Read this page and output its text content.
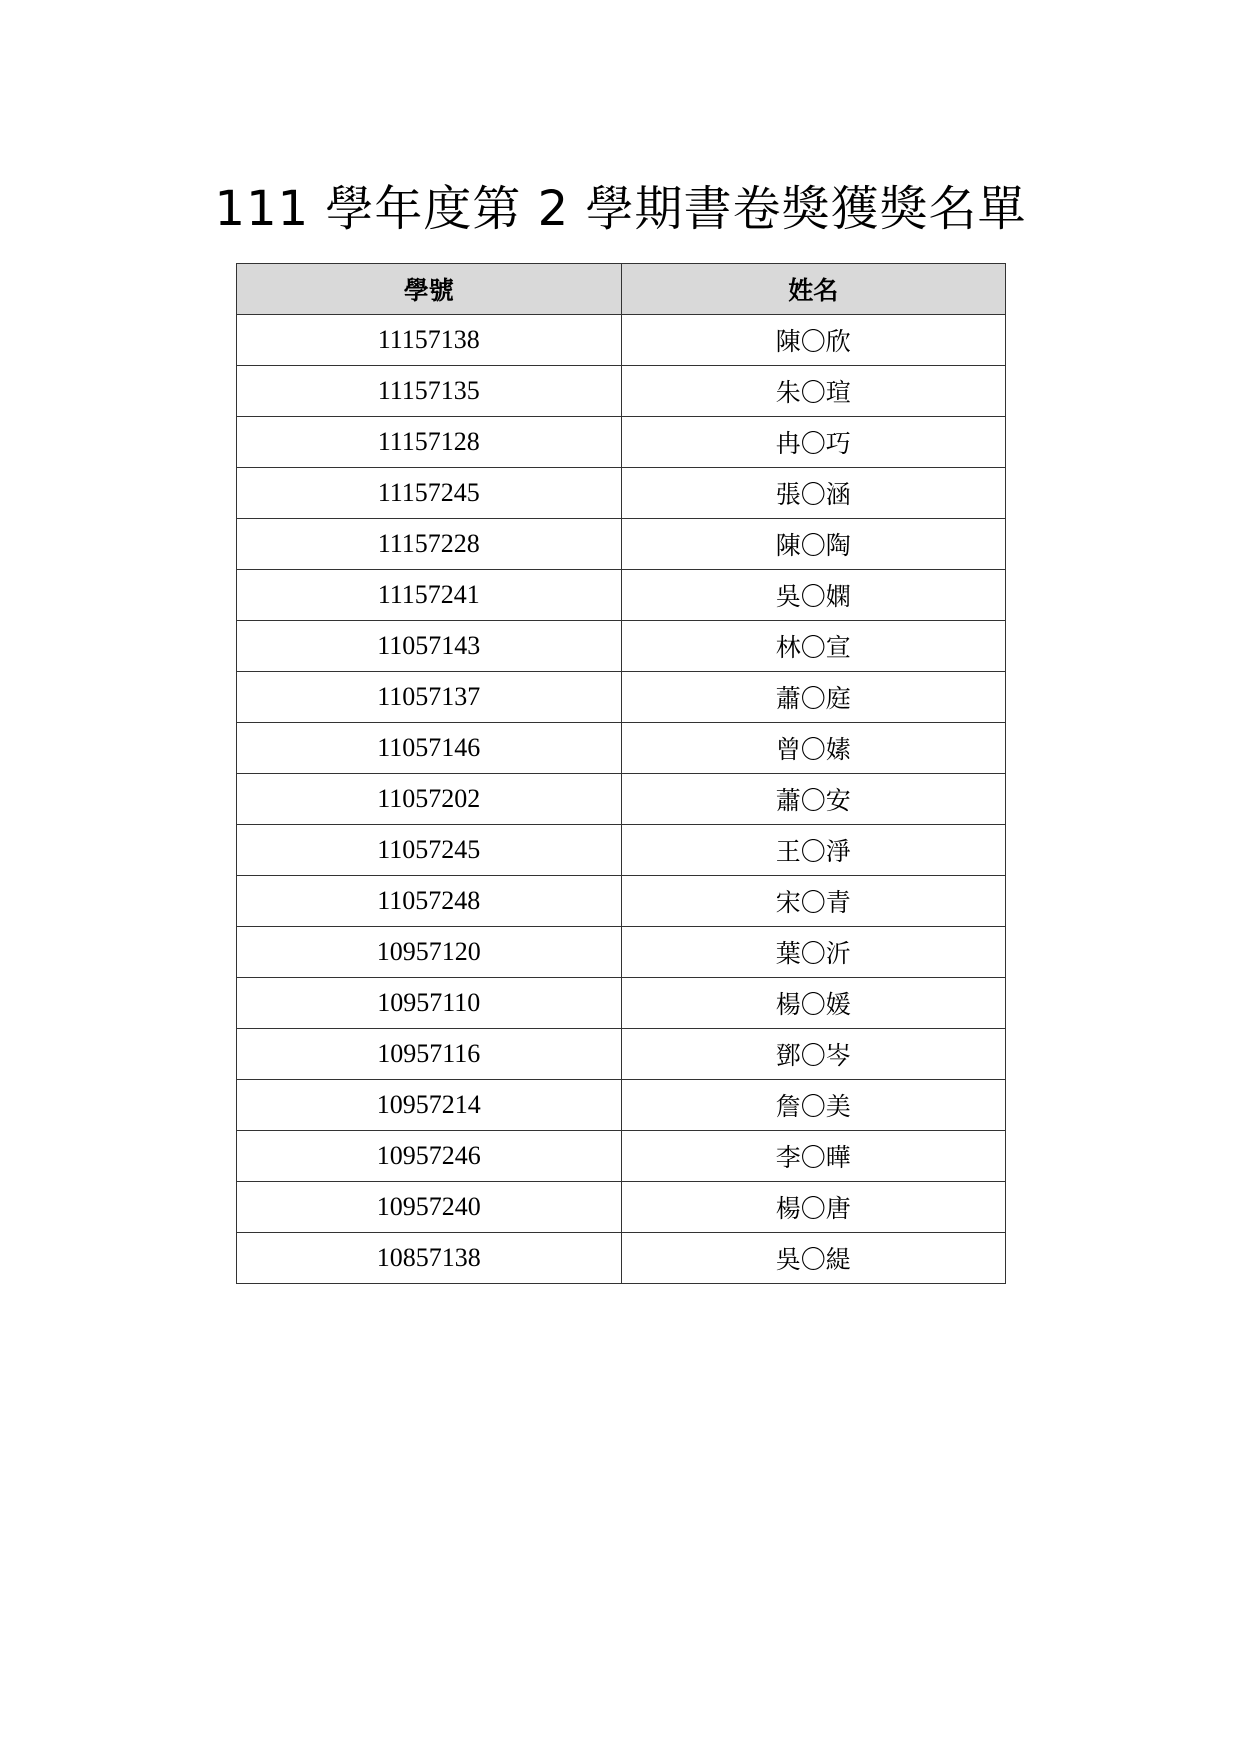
111 學年度第 2 學期書卷獎獲獎名單
學號	姓名
11157138	陳〇欣
11157135	朱〇瑄
11157128	冉〇巧
11157245	張〇涵
11157228	陳〇陶
11157241	吳〇嫻
11057143	林〇宣
11057137	蕭〇庭
11057146	曾〇嫊
11057202	蕭〇安
11057245	王〇淨
11057248	宋〇青
10957120	葉〇沂
10957110	楊〇媛
10957116	鄧〇岑
10957214	詹〇美
10957246	李〇曄
10957240	楊〇唐
10857138	吳〇緹
